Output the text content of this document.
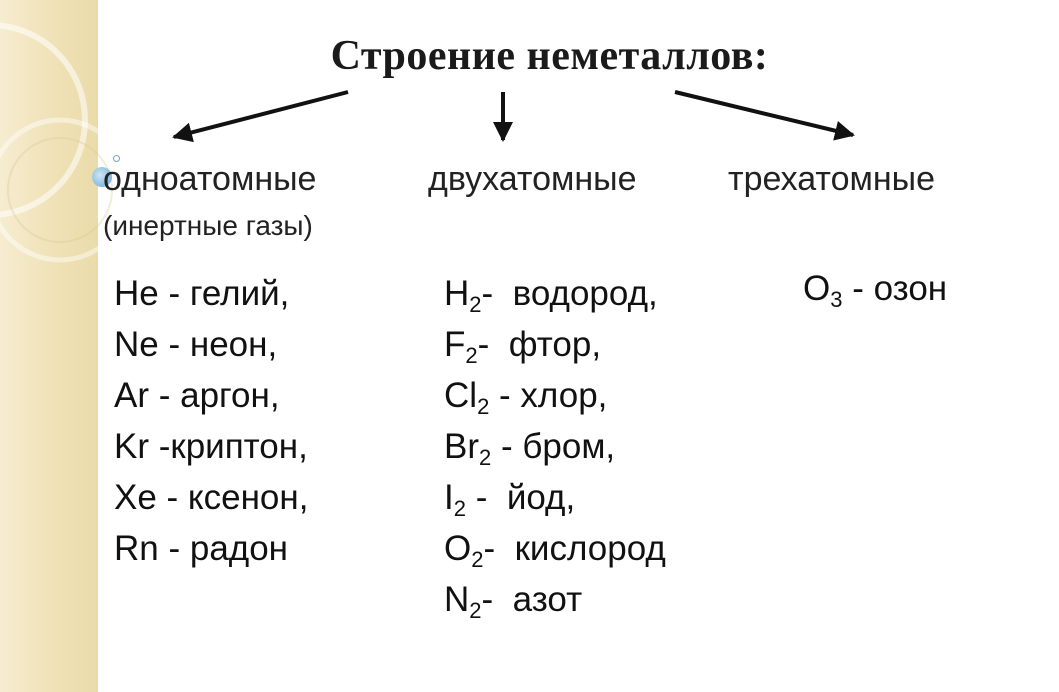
Строение неметаллов:
одноатомные
(инертные газы)
двухатомные	трехатомные
He - гелий,
Ne - неон,
Ar - аргон,
Kr -криптон,
Xe - ксенон,
Rn - радон
$H_2-$  водород,
$F_2-$  фтор,
$Cl_2$ - хлор,
$Br_2$ - бром,
$I_2$ -  йод,
$O_2-$  кислород
$N_2-$  азот
$O_3$ - озон
